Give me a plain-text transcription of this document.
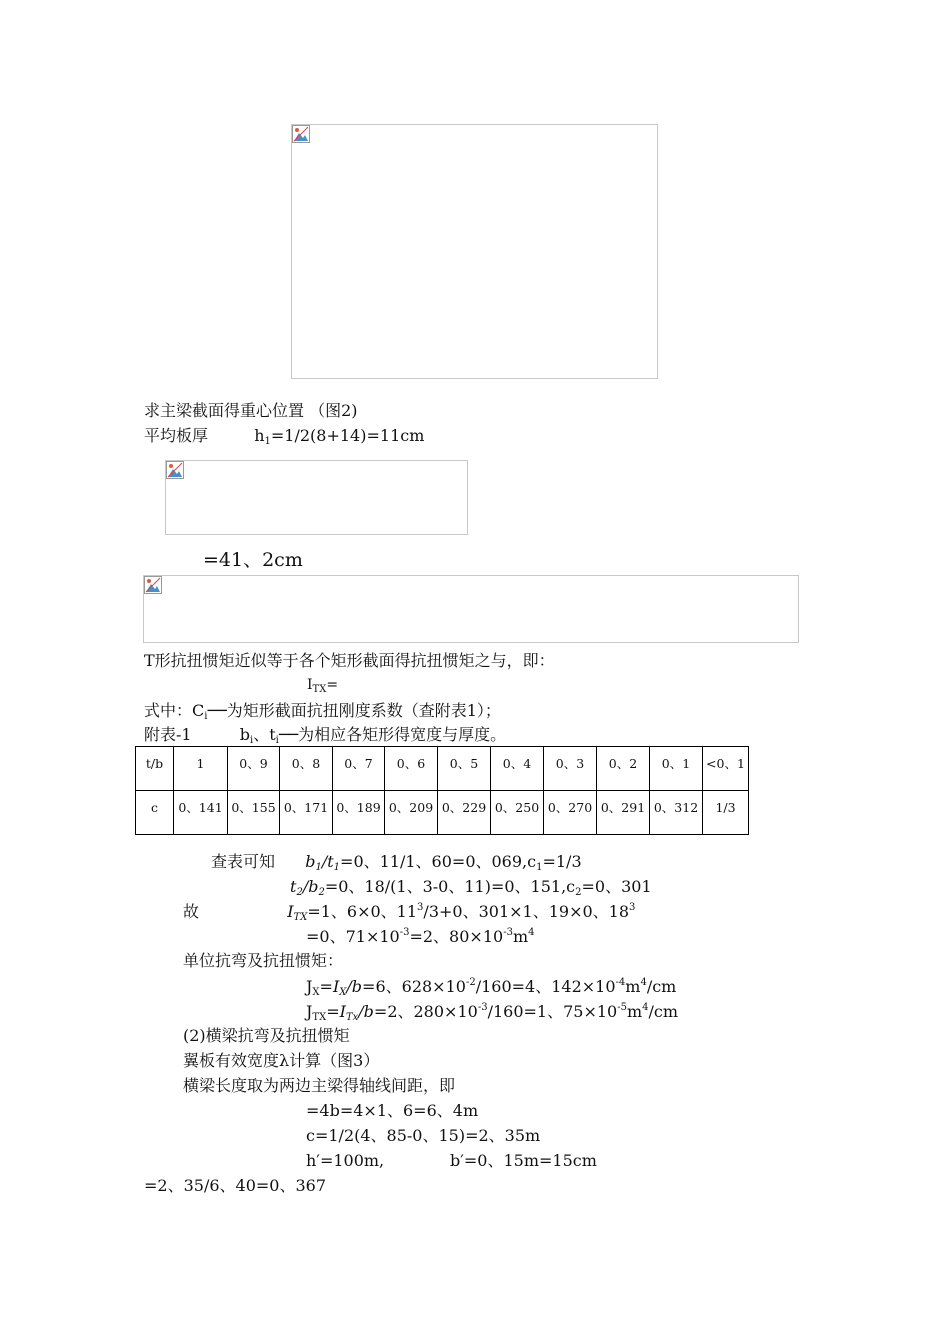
求主梁截面得重心位置 （图2)
平均板厚	$h_1=1/2(8+14)=11cm$
=41、2cm
T形抗扭惯矩近似等于各个矩形截面得抗扭惯矩之与，即：
$I_{TX}=$
式中：$C_i──$为矩形截面抗扭刚度系数（查附表1）；
附表-1	$b_i$、$t_i──$为相应各矩形得宽度与厚度。
t/b	1	0、9	0、8	0、7	0、6	0、5	0、4	0、3	0、2	0、1	<0、1
c	0、141	0、155	0、171	0、189	0、209	0、229	0、250	0、270	0、291	0、312	1/3
查表可知 $b_1/t_1=0$、11/1、60=0、$069,c_1=1/3$
$t_2/b_2=0$、18/(1、3-0、11)=0、$151,c_2=0$、301
故	$I_{TX}=1$、6×0、$11^3/3+0$、301×1、19×0、$18^3$
=0、$71\times 10^{-3}=2$、$80\times 10^{-3}m^4$
单位抗弯及抗扭惯矩：
$J_X=I_X/b=6$、$628\times 10^{-2}/160=4$、$142\times 10^{-4}m^4/cm$
$J_{TX}=I_{Tx}/b=2$、$280\times 10^{-3}/160=1$、$75\times 10^{-5}m^4/cm$
(2)横梁抗弯及抗扭惯矩
翼板有效宽度λ计算（图3）
横梁长度取为两边主梁得轴线间距，即
=4b=4×1、6=6、4m
c=1/2(4、85-0、15)=2、35m
h′=100m,	b′=0、15m=15cm
=2、35/6、40=0、367
